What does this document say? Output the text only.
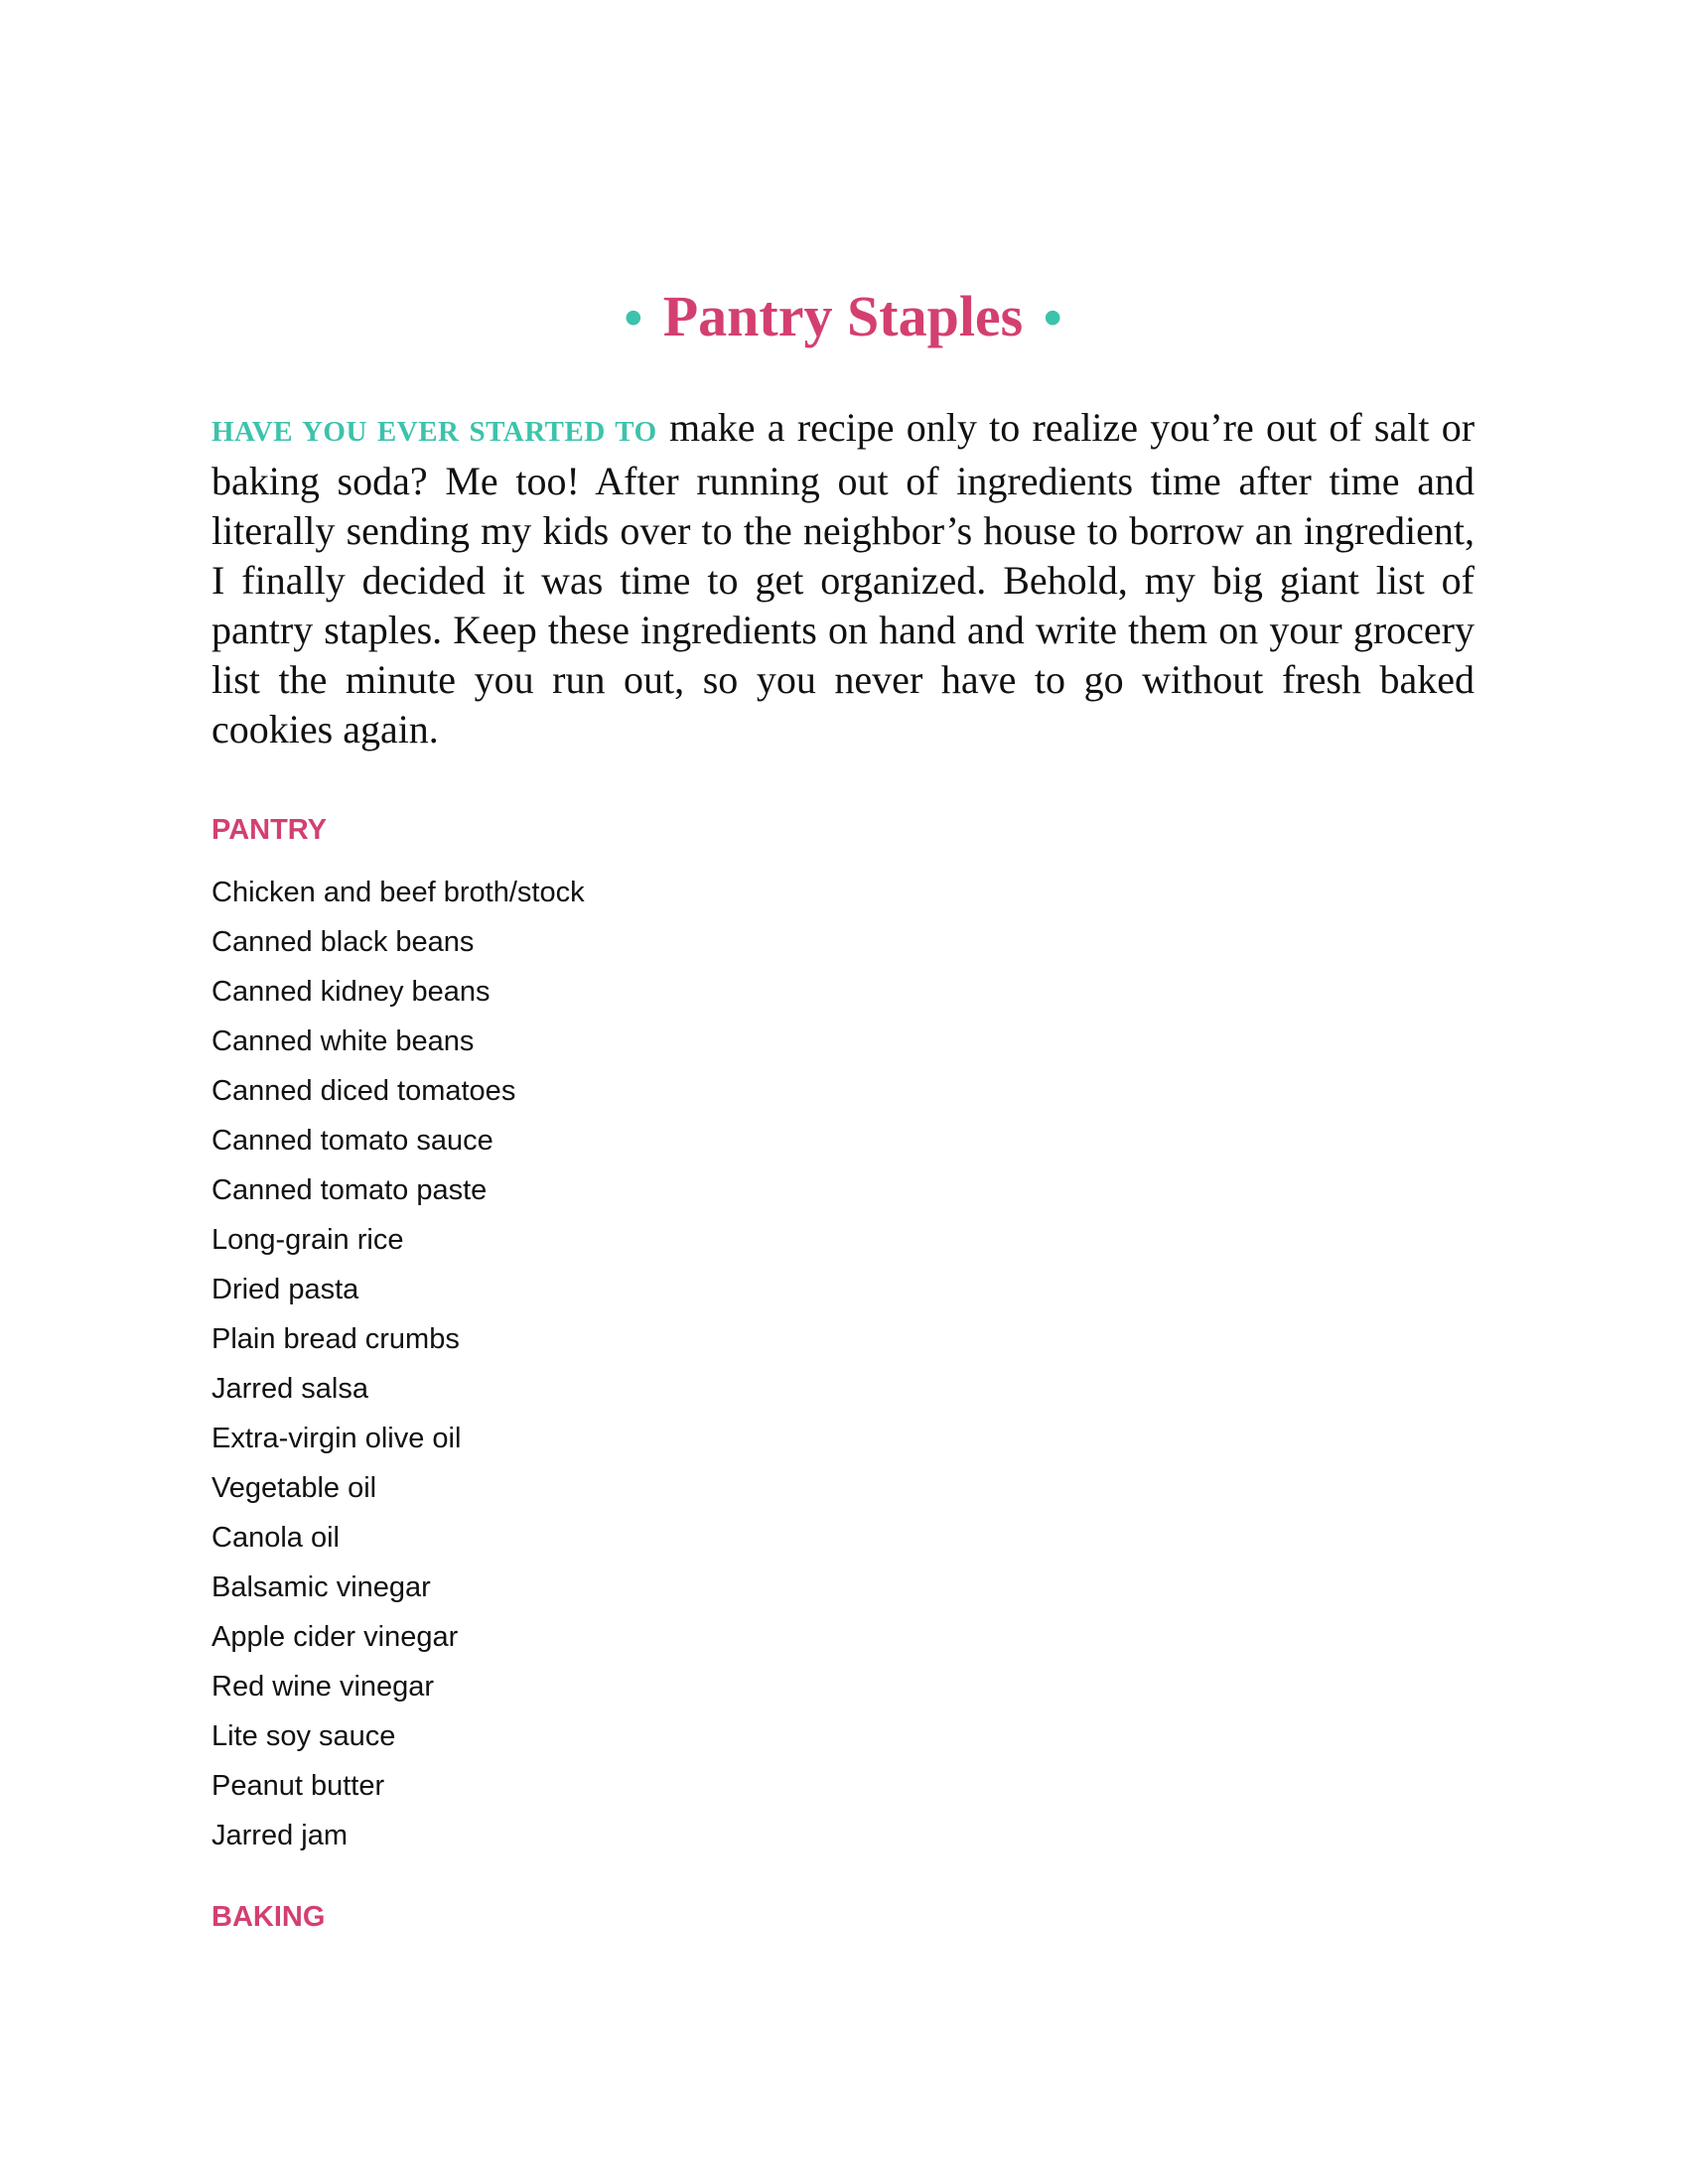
• Pantry Staples •

HAVE YOU EVER STARTED TO make a recipe only to realize you’re out of salt or baking soda? Me too! After running out of ingredients time after time and literally sending my kids over to the neighbor’s house to borrow an ingredient, I finally decided it was time to get organized. Behold, my big giant list of pantry staples. Keep these ingredients on hand and write them on your grocery list the minute you run out, so you never have to go without fresh baked cookies again.

PANTRY
Chicken and beef broth/stock
Canned black beans
Canned kidney beans
Canned white beans
Canned diced tomatoes
Canned tomato sauce
Canned tomato paste
Long-grain rice
Dried pasta
Plain bread crumbs
Jarred salsa
Extra-virgin olive oil
Vegetable oil
Canola oil
Balsamic vinegar
Apple cider vinegar
Red wine vinegar
Lite soy sauce
Peanut butter
Jarred jam
BAKING
